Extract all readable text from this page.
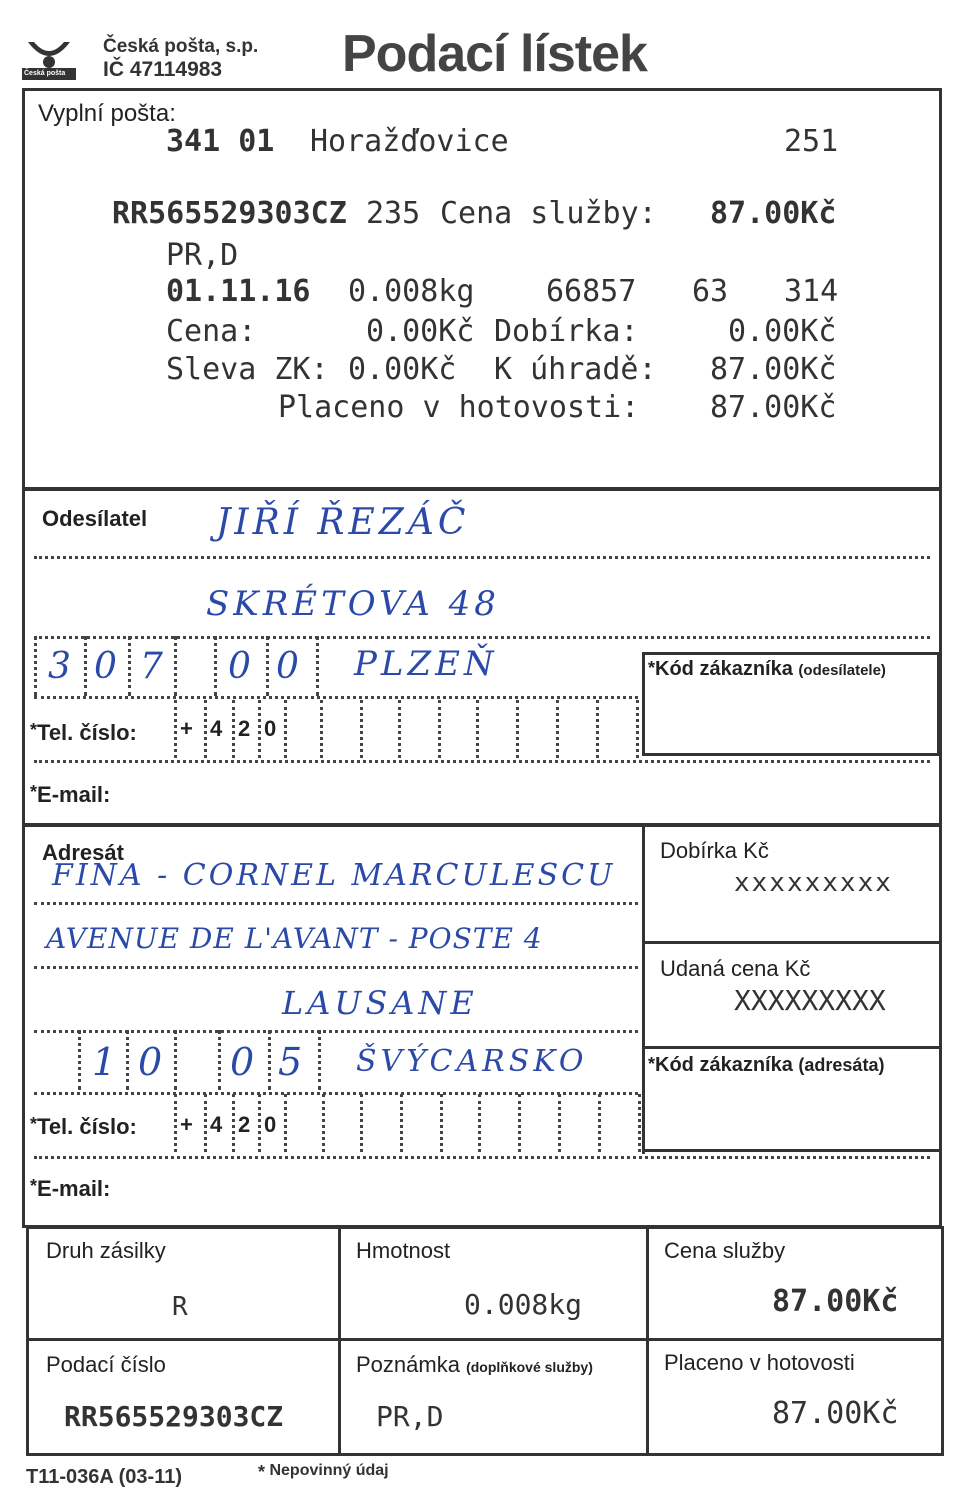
Česká pošta
Česká pošta, s.p.
IČ 47114983 Podací lístek
Vyplní pošta:
341 01 Horažďovice	251
RR565529303CZ 235 Cena služby: 87.00Kč
PR,D
01.11.16 0.008kg 66857 63 314
Cena:	0.00Kč Dobírka:	0.00Kč
Sleva ZK: 0.00Kč K úhradě: 87.00Kč
Placeno v hotovosti: 87.00Kč
Odesílatel JIŘÍ ŘEZÁČ
SKRÉTOVA 48
3 0 7 0 0 PLZEŇ
*Tel. číslo: + 4 2 0
*Kód zákazníka (odesílatele)
*E-mail:
Adresát
FINA - CORNEL MARCULESCU
AVENUE DE L'AVANT - POSTE 4
LAUSANE
1 0 0 5 ŠVÝCARSKO
*Tel. číslo: + 4 2 0
Dobírka Kč
xxxxxxxxx
Udaná cena Kč
XXXXXXXXX
*Kód zákazníka (adresáta)
*E-mail:
Druh zásilky
R
Hmotnost
0.008kg
Cena služby
87.00Kč
Podací číslo
RR565529303CZ
Poznámka (doplňkové služby)
PR,D
Placeno v hotovosti
87.00Kč
T11-036A (03-11)	* Nepovinný údaj
